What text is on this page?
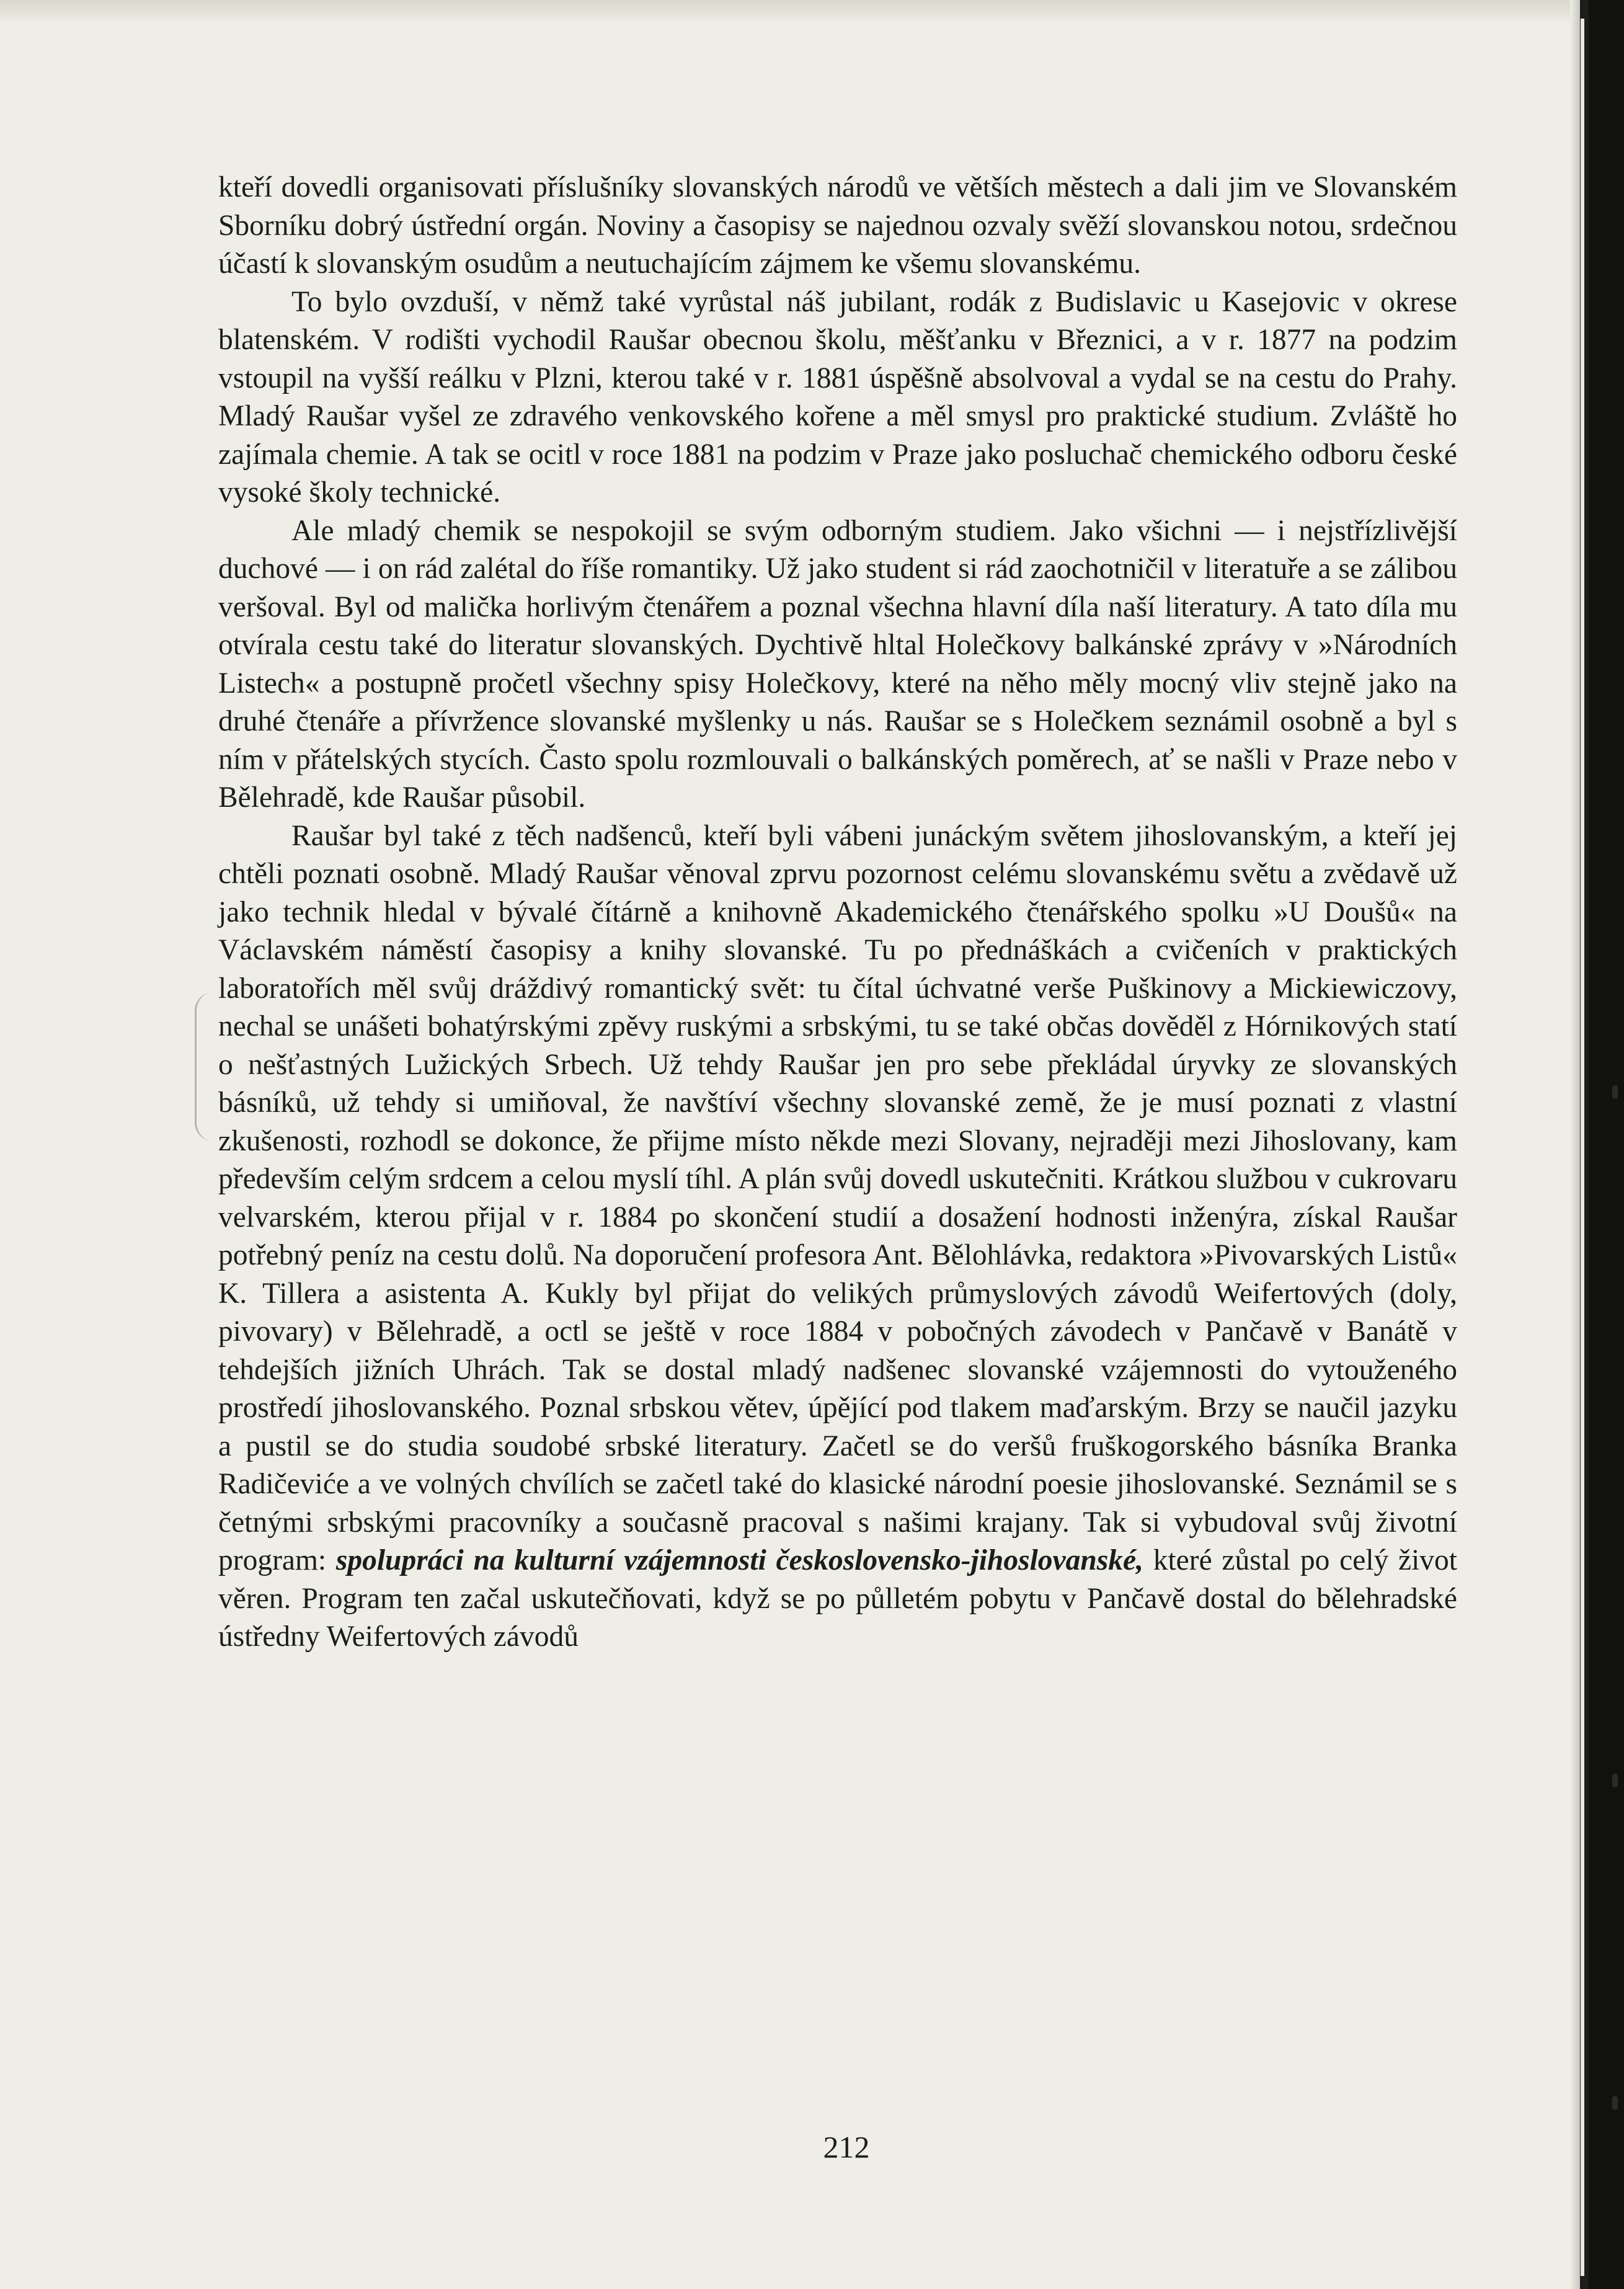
kteří dovedli organisovati příslušníky slovanských národů ve větších městech a dali jim ve Slovanském Sborníku dobrý ústřední orgán. Noviny a časopisy se najednou ozvaly svěží slovanskou notou, srdečnou účastí k slovanským osudům a neutuchajícím zájmem ke všemu slovanskému.

To bylo ovzduší, v němž také vyrůstal náš jubilant, rodák z Budislavic u Kasejovic v okrese blatenském. V rodišti vychodil Raušar obecnou školu, měšťanku v Březnici, a v r. 1877 na podzim vstoupil na vyšší reálku v Plzni, kterou také v r. 1881 úspěšně absolvoval a vydal se na cestu do Prahy. Mladý Raušar vyšel ze zdravého venkovského kořene a měl smysl pro praktické studium. Zvláště ho zajímala chemie. A tak se ocitl v roce 1881 na podzim v Praze jako posluchač chemického odboru české vysoké školy technické.

Ale mladý chemik se nespokojil se svým odborným studiem. Jako všichni — i nejstřízlivější duchové — i on rád zalétal do říše romantiky. Už jako student si rád zaochotničil v literatuře a se zálibou veršoval. Byl od malička horlivým čtenářem a poznal všechna hlavní díla naší literatury. A tato díla mu otvírala cestu také do literatur slovanských. Dychtivě hltal Holečkovy balkánské zprávy v »Národních Listech« a postupně pročetl všechny spisy Holečkovy, které na něho měly mocný vliv stejně jako na druhé čtenáře a přívržence slovanské myšlenky u nás. Raušar se s Holečkem seznámil osobně a byl s ním v přátelských stycích. Často spolu rozmlouvali o balkánských poměrech, ať se našli v Praze nebo v Bělehradě, kde Raušar působil.

Raušar byl také z těch nadšenců, kteří byli vábeni junáckým světem jihoslovanským, a kteří jej chtěli poznati osobně. Mladý Raušar věnoval zprvu pozornost celému slovanskému světu a zvědavě už jako technik hledal v bývalé čítárně a knihovně Akademického čtenářského spolku »U Doušů« na Václavském náměstí časopisy a knihy slovanské. Tu po přednáškách a cvičeních v praktických laboratořích měl svůj dráždivý romantický svět: tu čítal úchvatné verše Puškinovy a Mickiewiczovy, nechal se unášeti bohatýrskými zpěvy ruskými a srbskými, tu se také občas dověděl z Hórnikových statí o nešťastných Lužických Srbech. Už tehdy Raušar jen pro sebe překládal úryvky ze slovanských básníků, už tehdy si umiňoval, že navštíví všechny slovanské země, že je musí poznati z vlastní zkušenosti, rozhodl se dokonce, že přijme místo někde mezi Slovany, nejraději mezi Jihoslovany, kam především celým srdcem a celou myslí tíhl. A plán svůj dovedl uskutečniti. Krátkou službou v cukrovaru velvarském, kterou přijal v r. 1884 po skončení studií a dosažení hodnosti inženýra, získal Raušar potřebný peníz na cestu dolů. Na doporučení profesora Ant. Bělohlávka, redaktora »Pivovarských Listů« K. Tillera a asistenta A. Kukly byl přijat do velikých průmyslových závodů Weifertových (doly, pivovary) v Bělehradě, a octl se ještě v roce 1884 v pobočných závodech v Pančavě v Banátě v tehdejších jižních Uhrách. Tak se dostal mladý nadšenec slovanské vzájemnosti do vytouženého prostředí jihoslovanského. Poznal srbskou větev, úpějící pod tlakem maďarským. Brzy se naučil jazyku a pustil se do studia soudobé srbské literatury. Začetl se do veršů fruškogorského básníka Branka Radičeviće a ve volných chvílích se začetl také do klasické národní poesie jihoslovanské. Seznámil se s četnými srbskými pracovníky a současně pracoval s našimi krajany. Tak si vybudoval svůj životní program: spolupráci na kulturní vzájemnosti československo-jihoslovanské, které zůstal po celý život věren. Program ten začal uskutečňovati, když se po půlletém pobytu v Pančavě dostal do bělehradské ústředny Weifertových závodů

212
